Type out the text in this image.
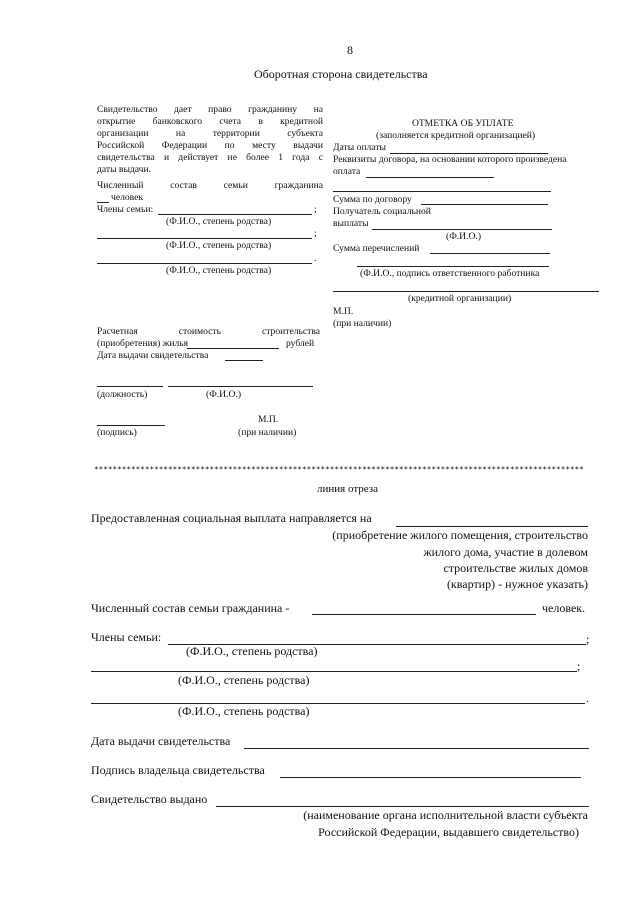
8
Оборотная сторона свидетельства
Свидетельство дает право гражданину на
открытие банковского счета в кредитной
организации на территории субъекта
Российской Федерации по месту выдачи
свидетельства и действует не более 1 года с
даты выдачи.
Численный состав семьи гражданина
человек
Члены семьи:	;
(Ф.И.О., степень родства)
;
(Ф.И.О., степень родства)
.
(Ф.И.О., степень родства)
Расчетная стоимость строительства
(приобретения) жилья	рублей
Дата выдачи свидетельства
(должность)	(Ф.И.О.)
М.П.
(подпись)	(при наличии)
ОТМЕТКА ОБ УПЛАТЕ
(заполняется кредитной организацией)
Даты оплаты
Реквизиты договора, на основании которого произведена
оплата
Сумма по договору
Получатель социальной
выплаты
(Ф.И.О.)
Сумма перечислений
(Ф.И.О., подпись ответственного работника
(кредитной организации)
М.П.
(при наличии)
**********************************************************************************************************
линия отреза
Предоставленная социальная выплата направляется на
(приобретение жилого помещения, строительство
жилого дома, участие в долевом
строительстве жилых домов
(квартир) - нужное указать)
Численный состав семьи гражданина -	человек.
Члены семьи:	;
(Ф.И.О., степень родства)
;
(Ф.И.О., степень родства)
.
(Ф.И.О., степень родства)
Дата выдачи свидетельства
Подпись владельца свидетельства
Свидетельство выдано
(наименование органа исполнительной власти субъекта
Российской Федерации, выдавшего свидетельство)
